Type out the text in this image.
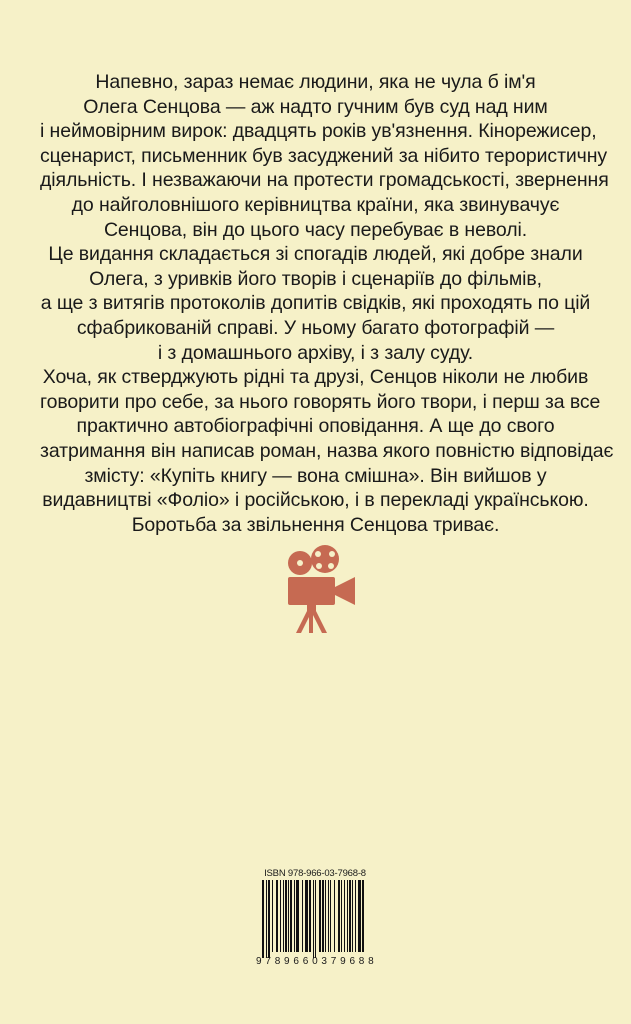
Напевно, зараз немає людини, яка не чула б ім'я
Олега Сенцова — аж надто гучним був суд над ним
і неймовірним вирок: двадцять років ув'язнення. Кінорежисер,
сценарист, письменник був засуджений за нібито терористичну
діяльність. І незважаючи на протести громадськості, звернення
до найголовнішого керівництва країни, яка звинувачує
Сенцова, він до цього часу перебуває в неволі.
Це видання складається зі спогадів людей, які добре знали
Олега, з уривків його творів і сценаріїв до фільмів,
а ще з витягів протоколів допитів свідків, які проходять по цій
сфабрикованій справі. У ньому багато фотографій —
і з домашнього архіву, і з залу суду.
Хоча, як стверджують рідні та друзі, Сенцов ніколи не любив
говорити про себе, за нього говорять його твори, і перш за все
практично автобіографічні оповідання. А ще до свого
затримання він написав роман, назва якого повністю відповідає
змісту: «Купіть книгу — вона смішна». Він вийшов у
видавництві «Фоліо» і російською, і в перекладі українською.
Боротьба за звільнення Сенцова триває.
ISBN 978-966-03-7968-8
9 7 8 9 6 6 0 3 7 9 6 8 8
